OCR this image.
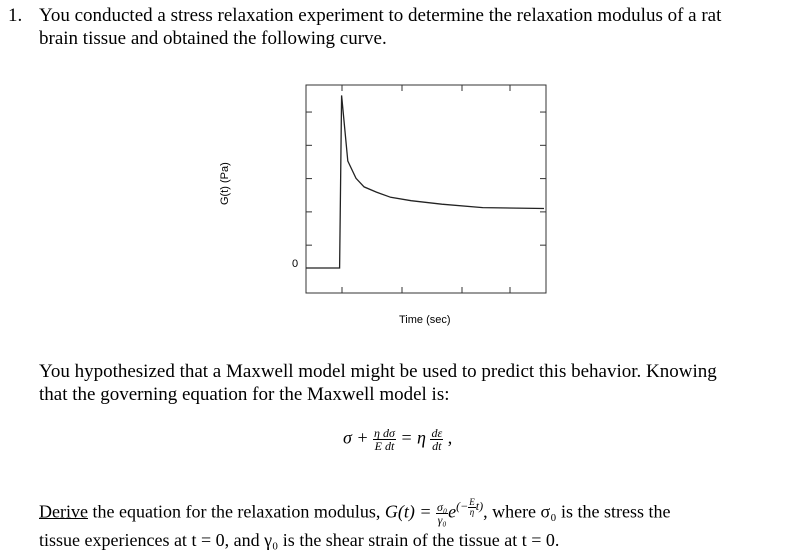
1. You conducted a stress relaxation experiment to determine the relaxation modulus of a rat
brain tissue and obtained the following curve.
G(t) (Pa)
0
Time (sec)
You hypothesized that a Maxwell model might be used to predict this behavior. Knowing
that the governing equation for the Maxwell model is:
$\sigma + \frac{\text{η dσ}}{\text{E dt}} = \eta \frac{d\varepsilon}{dt}$ ,
Derive the equation for the relaxation modulus, $G(t) = \frac{\text{σ₀}}{\text{γ₀}} e^{(- \frac{E}{\eta} t)}$, where σ₀ is the stress the
tissue experiences at t = 0, and γ₀ is the shear strain of the tissue at t = 0.
